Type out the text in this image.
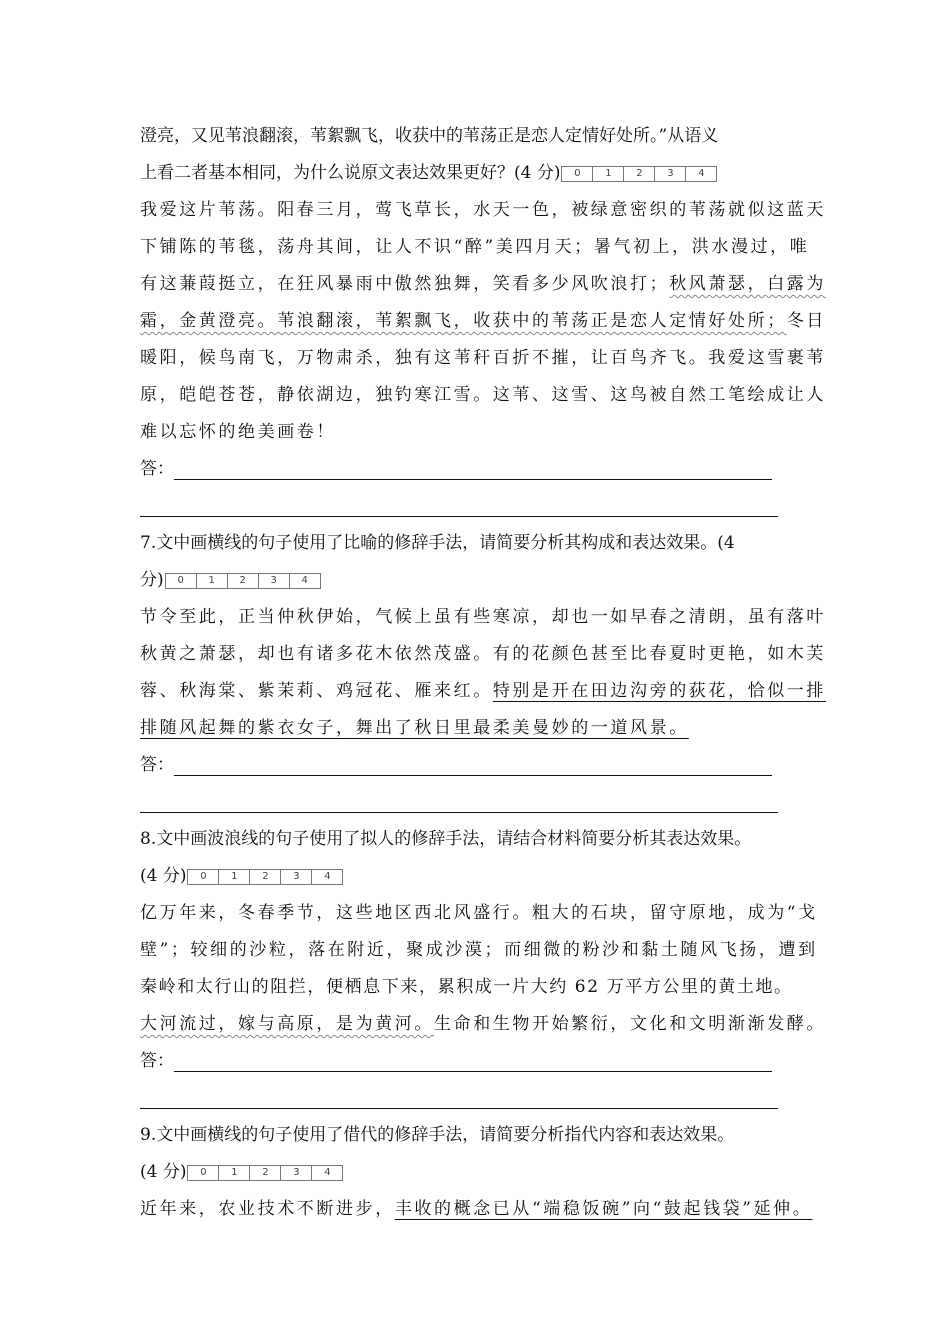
澄亮，又见苇浪翻滚，苇絮飘飞，收获中的苇荡正是恋人定情好处所。”从语义
上看二者基本相同，为什么说原文表达效果更好？(4 分)	0	1	2	3	4
我爱这片苇荡。阳春三月，莺飞草长，水天一色，被绿意密织的苇荡就似这蓝天
下铺陈的苇毯，荡舟其间，让人不识“醉”美四月天；暑气初上，洪水漫过，唯
有这蒹葭挺立，在狂风暴雨中傲然独舞，笑看多少风吹浪打；秋风萧瑟，白露为
霜，金黄澄亮。苇浪翻滚，苇絮飘飞，收获中的苇荡正是恋人定情好处所；冬日
暖阳，候鸟南飞，万物肃杀，独有这苇秆百折不摧，让百鸟齐飞。我爱这雪裹苇
原，皑皑苍苍，静依湖边，独钓寒江雪。这苇、这雪、这鸟被自然工笔绘成让人
难以忘怀的绝美画卷！
答：
7.文中画横线的句子使用了比喻的修辞手法，请简要分析其构成和表达效果。(4
分)	0	1	2	3	4
节令至此，正当仲秋伊始，气候上虽有些寒凉，却也一如早春之清朗，虽有落叶
秋黄之萧瑟，却也有诸多花木依然茂盛。有的花颜色甚至比春夏时更艳，如木芙
蓉、秋海棠、紫茉莉、鸡冠花、雁来红。特别是开在田边沟旁的荻花，恰似一排
排随风起舞的紫衣女子，舞出了秋日里最柔美曼妙的一道风景。
答：
8.文中画波浪线的句子使用了拟人的修辞手法，请结合材料简要分析其表达效果。
(4 分)	0	1	2	3	4
亿万年来，冬春季节，这些地区西北风盛行。粗大的石块，留守原地，成为“戈
壁”；较细的沙粒，落在附近，聚成沙漠；而细微的粉沙和黏土随风飞扬，遭到
秦岭和太行山的阻拦，便栖息下来，累积成一片大约 62 万平方公里的黄土地。
大河流过，嫁与高原，是为黄河。生命和生物开始繁衍，文化和文明渐渐发酵。
答：
9.文中画横线的句子使用了借代的修辞手法，请简要分析指代内容和表达效果。
(4 分)	0	1	2	3	4
近年来，农业技术不断进步，丰收的概念已从“端稳饭碗”向“鼓起钱袋”延伸。
